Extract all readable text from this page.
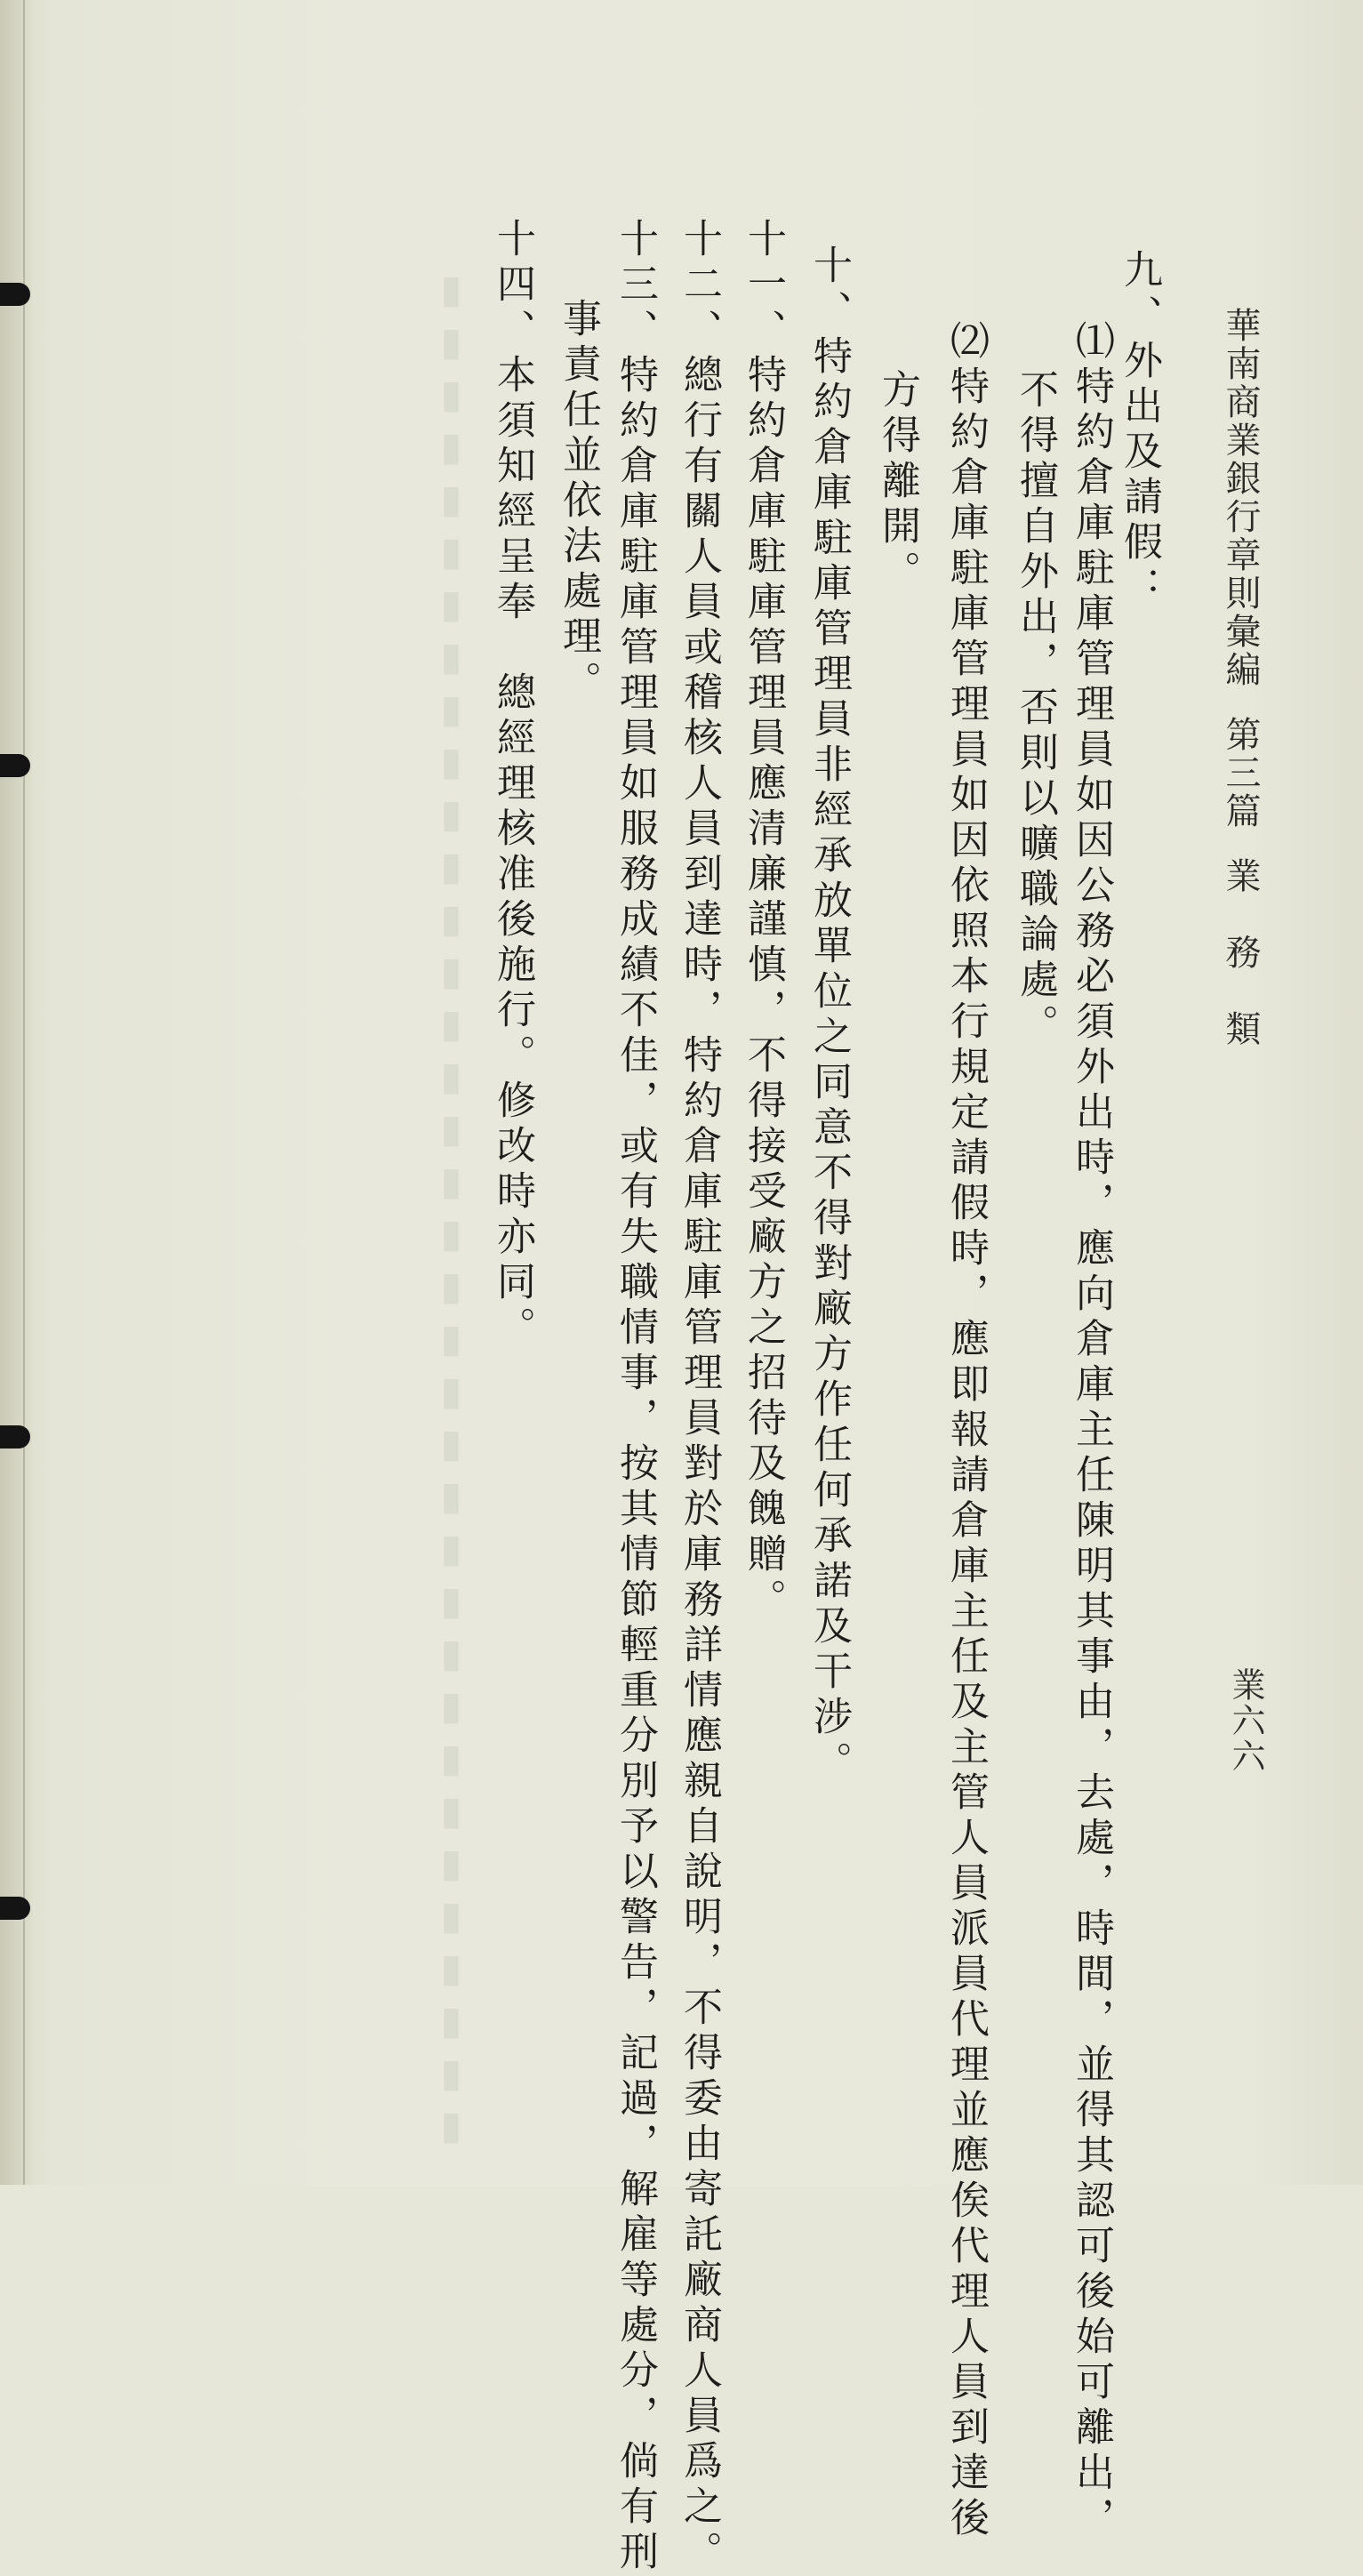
▮▮▮▮▮▮▮▮▮▮▮▮▮▮▮▮▮▮▮▮▮▮▮▮▮▮▮▮▮▮▮▮▮▮▮▮	華南商業銀行章則彙編第三篇業　務　類
業六六
九、外出及請假：
⑴特約倉庫駐庫管理員如因公務必須外出時，應向倉庫主任陳明其事由，去處，時間，並得其認可後始可離出，
不得擅自外出，否則以曠職論處。
⑵特約倉庫駐庫管理員如因依照本行規定請假時，應即報請倉庫主任及主管人員派員代理並應俟代理人員到達後
方得離開。
十、特約倉庫駐庫管理員非經承放單位之同意不得對廠方作任何承諾及干涉。
十一、特約倉庫駐庫管理員應清廉謹慎，不得接受廠方之招待及餽贈。
十二、總行有關人員或稽核人員到達時，特約倉庫駐庫管理員對於庫務詳情應親自說明，不得委由寄託廠商人員爲之。
十三、特約倉庫駐庫管理員如服務成績不佳，或有失職情事，按其情節輕重分別予以警告，記過，解雇等處分，倘有刑
事責任並依法處理。
十四、本須知經呈奉　總經理核准後施行。修改時亦同。
